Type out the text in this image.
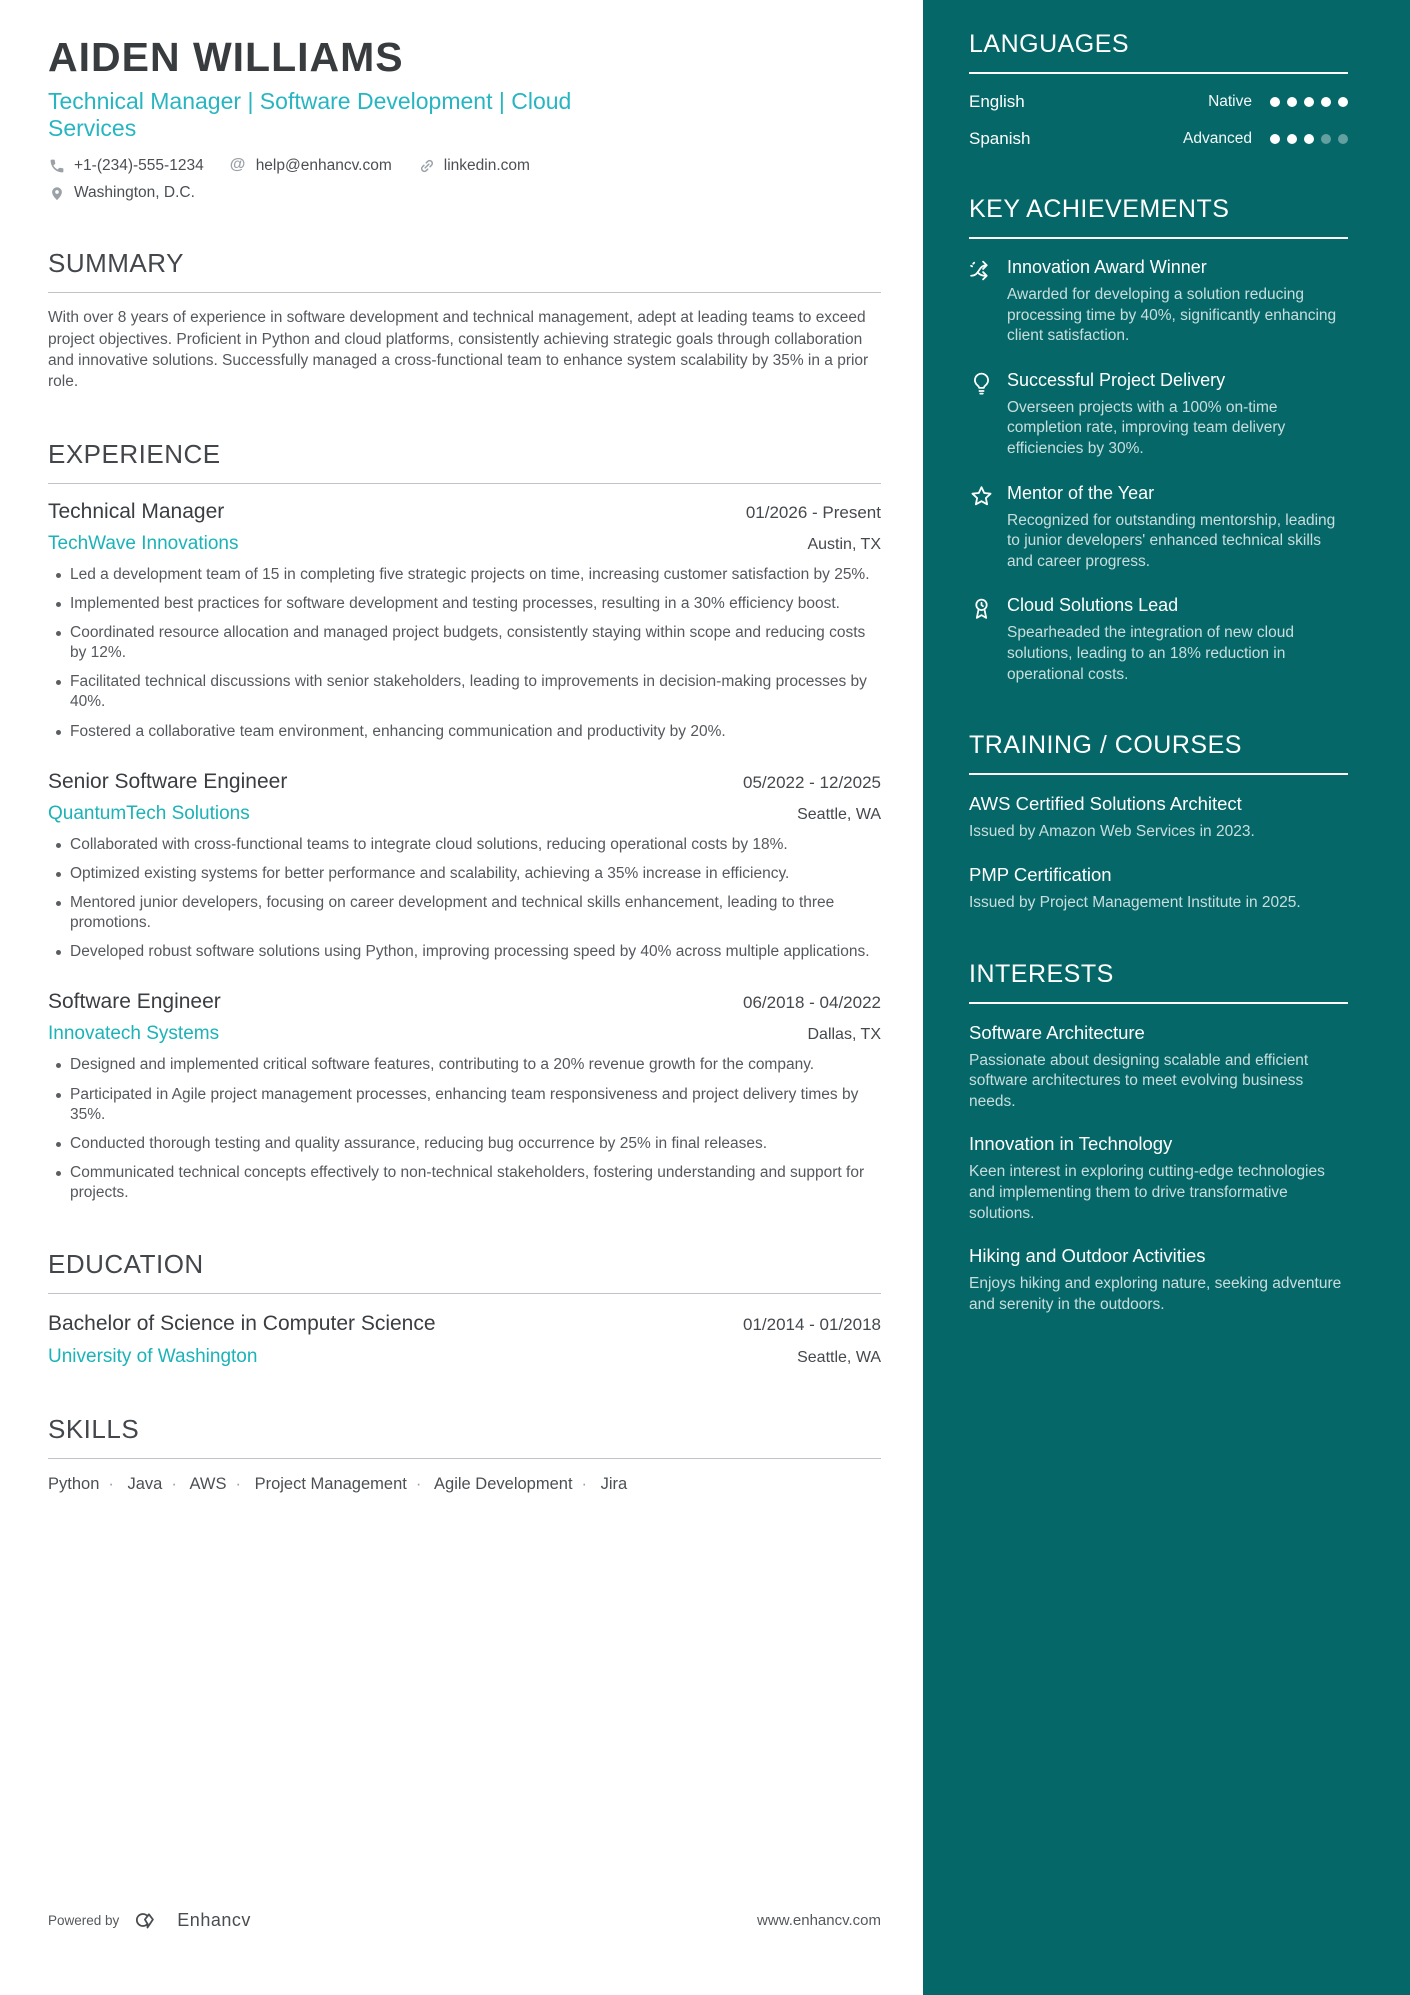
AIDEN WILLIAMS
Technical Manager | Software Development | Cloud Services
+1-(234)-555-1234 @ help@enhancv.com	linkedin.com
Washington, D.C.
SUMMARY
With over 8 years of experience in software development and technical management, adept at leading teams to exceed project objectives. Proficient in Python and cloud platforms, consistently achieving strategic goals through collaboration and innovative solutions. Successfully managed a cross-functional team to enhance system scalability by 35% in a prior role.
EXPERIENCE
Technical Manager	01/2026 - Present
TechWave Innovations	Austin, TX
Led a development team of 15 in completing five strategic projects on time, increasing customer satisfaction by 25%.
Implemented best practices for software development and testing processes, resulting in a 30% efficiency boost.
Coordinated resource allocation and managed project budgets, consistently staying within scope and reducing costs by 12%.
Facilitated technical discussions with senior stakeholders, leading to improvements in decision-making processes by 40%.
Fostered a collaborative team environment, enhancing communication and productivity by 20%.
Senior Software Engineer	05/2022 - 12/2025
QuantumTech Solutions	Seattle, WA
Collaborated with cross-functional teams to integrate cloud solutions, reducing operational costs by 18%.
Optimized existing systems for better performance and scalability, achieving a 35% increase in efficiency.
Mentored junior developers, focusing on career development and technical skills enhancement, leading to three promotions.
Developed robust software solutions using Python, improving processing speed by 40% across multiple applications.
Software Engineer	06/2018 - 04/2022
Innovatech Systems	Dallas, TX
Designed and implemented critical software features, contributing to a 20% revenue growth for the company.
Participated in Agile project management processes, enhancing team responsiveness and project delivery times by 35%.
Conducted thorough testing and quality assurance, reducing bug occurrence by 25% in final releases.
Communicated technical concepts effectively to non-technical stakeholders, fostering understanding and support for projects.
EDUCATION
Bachelor of Science in Computer Science	01/2014 - 01/2018
University of Washington	Seattle, WA
SKILLS
Python · Java · AWS · Project Management · Agile Development · Jira
Powered by	Enhancv	www.enhancv.com
LANGUAGES
English	Native
Spanish	Advanced
KEY ACHIEVEMENTS
Innovation Award Winner
Awarded for developing a solution reducing processing time by 40%, significantly enhancing client satisfaction.
Successful Project Delivery
Overseen projects with a 100% on-time completion rate, improving team delivery efficiencies by 30%.
Mentor of the Year
Recognized for outstanding mentorship, leading to junior developers' enhanced technical skills and career progress.
Cloud Solutions Lead
Spearheaded the integration of new cloud solutions, leading to an 18% reduction in operational costs.
TRAINING / COURSES
AWS Certified Solutions Architect
Issued by Amazon Web Services in 2023.
PMP Certification
Issued by Project Management Institute in 2025.
INTERESTS
Software Architecture
Passionate about designing scalable and efficient software architectures to meet evolving business needs.
Innovation in Technology
Keen interest in exploring cutting-edge technologies and implementing them to drive transformative solutions.
Hiking and Outdoor Activities
Enjoys hiking and exploring nature, seeking adventure and serenity in the outdoors.
